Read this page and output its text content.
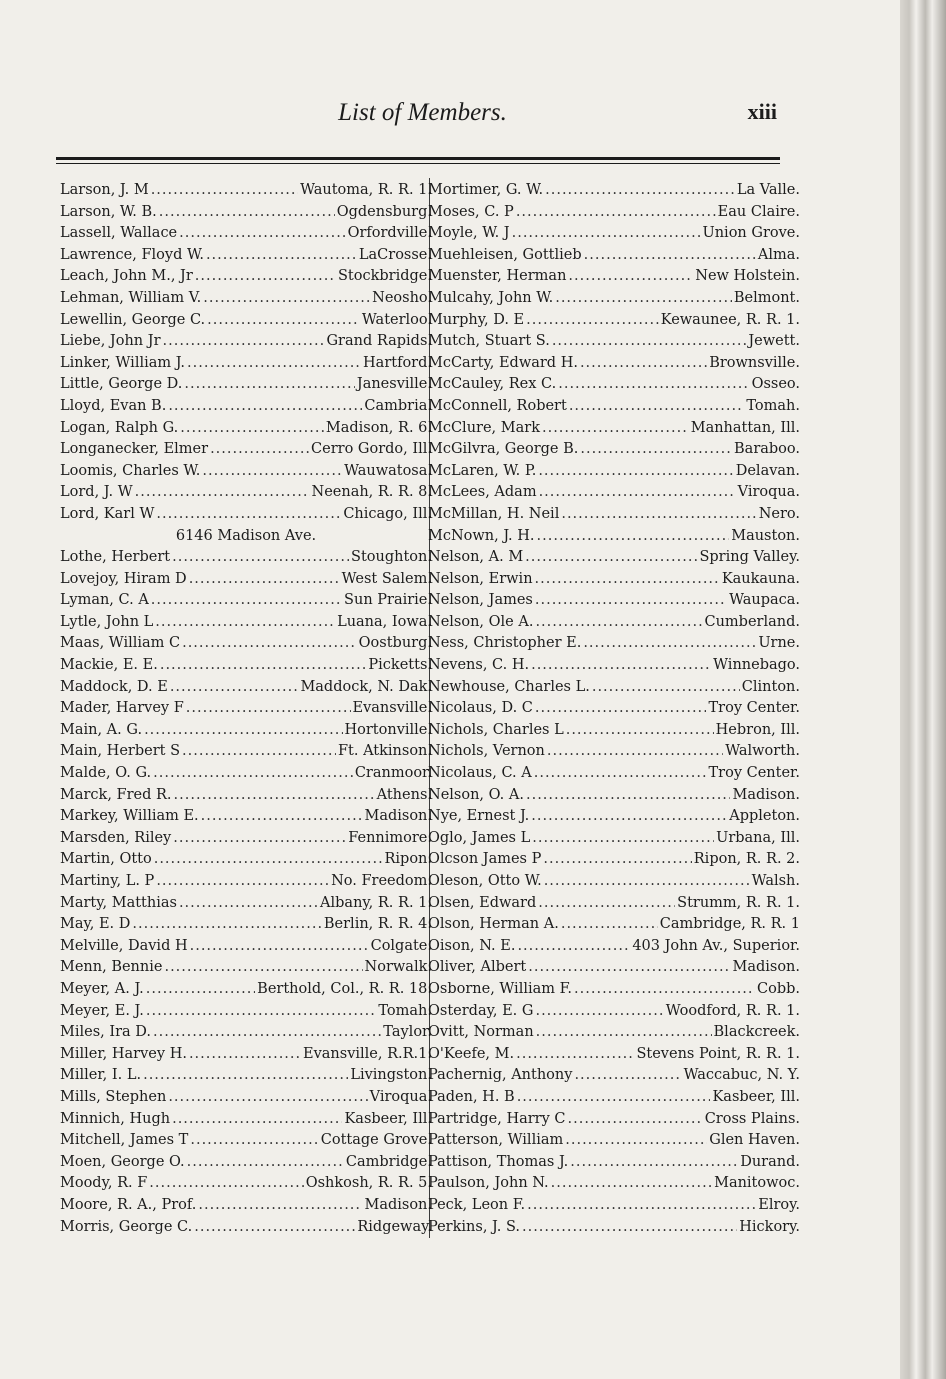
List of Members.	xiii
Larson, J. M .....	Wautoma, R. R. 1.
Larson, W. B. .....	Ogdensburg.
Lassell, Wallace .....	Orfordville.
Lawrence, Floyd W. .....	LaCrosse.
Leach, John M., Jr .....	Stockbridge.
Lehman, William V. .....	Neosho.
Lewellin, George C. .....	Waterloo.
Liebe, John Jr .....	Grand Rapids.
Linker, William J. .....	Hartford.
Little, George D. .....	Janesville.
Lloyd, Evan B. .....	Cambria.
Logan, Ralph G. .....	Madison, R. 6.
Longanecker, Elmer .....	Cerro Gordo, Ill.
Loomis, Charles W. .....	Wauwatosa.
Lord, J. W .....	Neenah, R. R. 8.
Lord, Karl W .....	Chicago, Ill.
6146 Madison Ave.
Lothe, Herbert .....	Stoughton.
Lovejoy, Hiram D .....	West Salem.
Lyman, C. A .....	Sun Prairie.
Lytle, John L .....	Luana, Iowa.
Maas, William C .....	Oostburg.
Mackie, E. E. .....	Picketts.
Maddock, D. E .....	Maddock, N. Dak.
Mader, Harvey F .....	Evansville.
Main, A. G. .....	Hortonville.
Main, Herbert S .....	Ft. Atkinson.
Malde, O. G. .....	Cranmoor.
Marck, Fred R. .....	Athens.
Markey, William E. .....	Madison.
Marsden, Riley .....	Fennimore.
Martin, Otto .....	Ripon.
Martiny, L. P .....	No. Freedom.
Marty, Matthias .....	Albany, R. R. 1.
May, E. D .....	Berlin, R. R. 4.
Melville, David H .....	Colgate.
Menn, Bennie .....	Norwalk.
Meyer, A. J. .....	Berthold, Col., R. R. 18.
Meyer, E. J. .....	Tomah.
Miles, Ira D. .....	Taylor.
Miller, Harvey H. .....	Evansville, R.R.1.
Miller, I. L. .....	Livingston.
Mills, Stephen .....	Viroqua.
Minnich, Hugh .....	Kasbeer, Ill.
Mitchell, James T .....	Cottage Grove.
Moen, George O. .....	Cambridge.
Moody, R. F .....	Oshkosh, R. R. 5.
Moore, R. A., Prof. .....	Madison.
Morris, George C. .....	Ridgeway.
Mortimer, G. W. .....	La Valle.
Moses, C. P .....	Eau Claire.
Moyle, W. J .....	Union Grove.
Muehleisen, Gottlieb .....	Alma.
Muenster, Herman .....	New Holstein.
Mulcahy, John W. .....	Belmont.
Murphy, D. E .....	Kewaunee, R. R. 1.
Mutch, Stuart S. .....	Jewett.
McCarty, Edward H. .....	Brownsville.
McCauley, Rex C. .....	Osseo.
McConnell, Robert .....	Tomah.
McClure, Mark .....	Manhattan, Ill.
McGilvra, George B. .....	Baraboo.
McLaren, W. P. .....	Delavan.
McLees, Adam .....	Viroqua.
McMillan, H. Neil .....	Nero.
McNown, J. H. .....	Mauston.
Nelson, A. M .....	Spring Valley.
Nelson, Erwin .....	Kaukauna.
Nelson, James .....	Waupaca.
Nelson, Ole A. .....	Cumberland.
Ness, Christopher E. .....	Urne.
Nevens, C. H. .....	Winnebago.
Newhouse, Charles L. .....	Clinton.
Nicolaus, D. C .....	Troy Center.
Nichols, Charles L .....	Hebron, Ill.
Nichols, Vernon .....	Walworth.
Nicolaus, C. A .....	Troy Center.
Nelson, O. A. .....	Madison.
Nye, Ernest J. .....	Appleton.
Oglo, James L .....	Urbana, Ill.
Olcson James P .....	Ripon, R. R. 2.
Oleson, Otto W. .....	Walsh.
Olsen, Edward .....	Strumm, R. R. 1.
Olson, Herman A. .....	Cambridge, R. R. 1
Oison, N. E. .....	403 John Av., Superior.
Oliver, Albert .....	Madison.
Osborne, William F. .....	Cobb.
Osterday, E. G .....	Woodford, R. R. 1.
Ovitt, Norman .....	Blackcreek.
O'Keefe, M. .....	Stevens Point, R. R. 1.
Pachernig, Anthony .....	Waccabuc, N. Y.
Paden, H. B .....	Kasbeer, Ill.
Partridge, Harry C .....	Cross Plains.
Patterson, William .....	Glen Haven.
Pattison, Thomas J. .....	Durand.
Paulson, John N. .....	Manitowoc.
Peck, Leon F. .....	Elroy.
Perkins, J. S. .....	Hickory.
